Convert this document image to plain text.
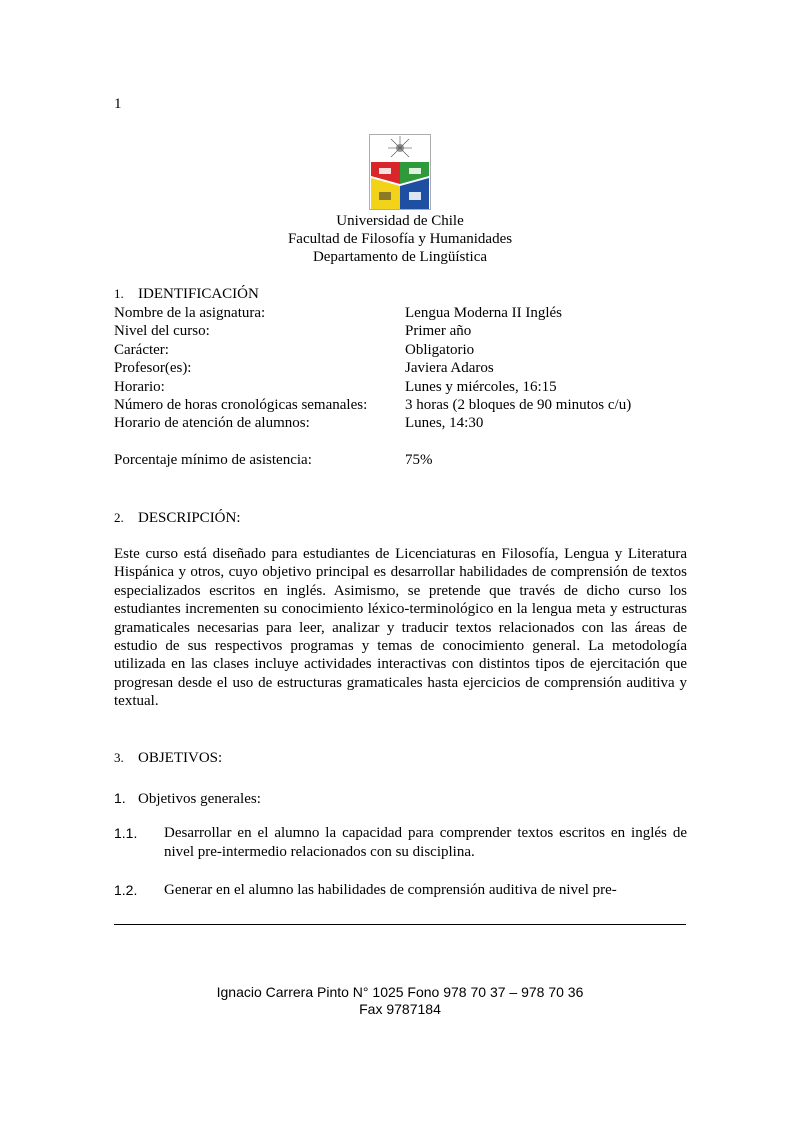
1
Universidad de Chile
Facultad de Filosofía y Humanidades
Departamento de Lingüística
1. IDENTIFICACIÓN
Nombre de la asignatura:	Lengua Moderna II Inglés
Nivel del curso:	Primer año
Carácter:	Obligatorio
Profesor(es):	Javiera Adaros
Horario:	Lunes y miércoles, 16:15
Número de horas cronológicas semanales:	3 horas (2 bloques de 90 minutos c/u)
Horario de atención de alumnos:	Lunes, 14:30
Porcentaje mínimo de asistencia:	75%
2. DESCRIPCIÓN:
Este curso está diseñado para estudiantes de Licenciaturas en Filosofía, Lengua y Literatura Hispánica y otros, cuyo objetivo principal es desarrollar habilidades de comprensión de textos especializados escritos en inglés. Asimismo, se pretende que través de dicho curso los estudiantes incrementen su conocimiento léxico-terminológico en la lengua meta y estructuras gramaticales necesarias para leer, analizar y traducir textos relacionados con las áreas de estudio de sus respectivos programas y temas de conocimiento general. La metodología utilizada en las clases incluye actividades interactivas con distintos tipos de ejercitación que progresan desde el uso de estructuras gramaticales hasta ejercicios de comprensión auditiva y textual.
3. OBJETIVOS:
1. Objetivos generales:
1.1.	Desarrollar en el alumno la capacidad para comprender textos escritos en inglés de nivel pre-intermedio relacionados con su disciplina.
1.2.	Generar en el alumno las habilidades de comprensión auditiva de nivel pre-
Ignacio Carrera Pinto N° 1025 Fono 978 70 37 – 978 70 36
Fax 9787184
